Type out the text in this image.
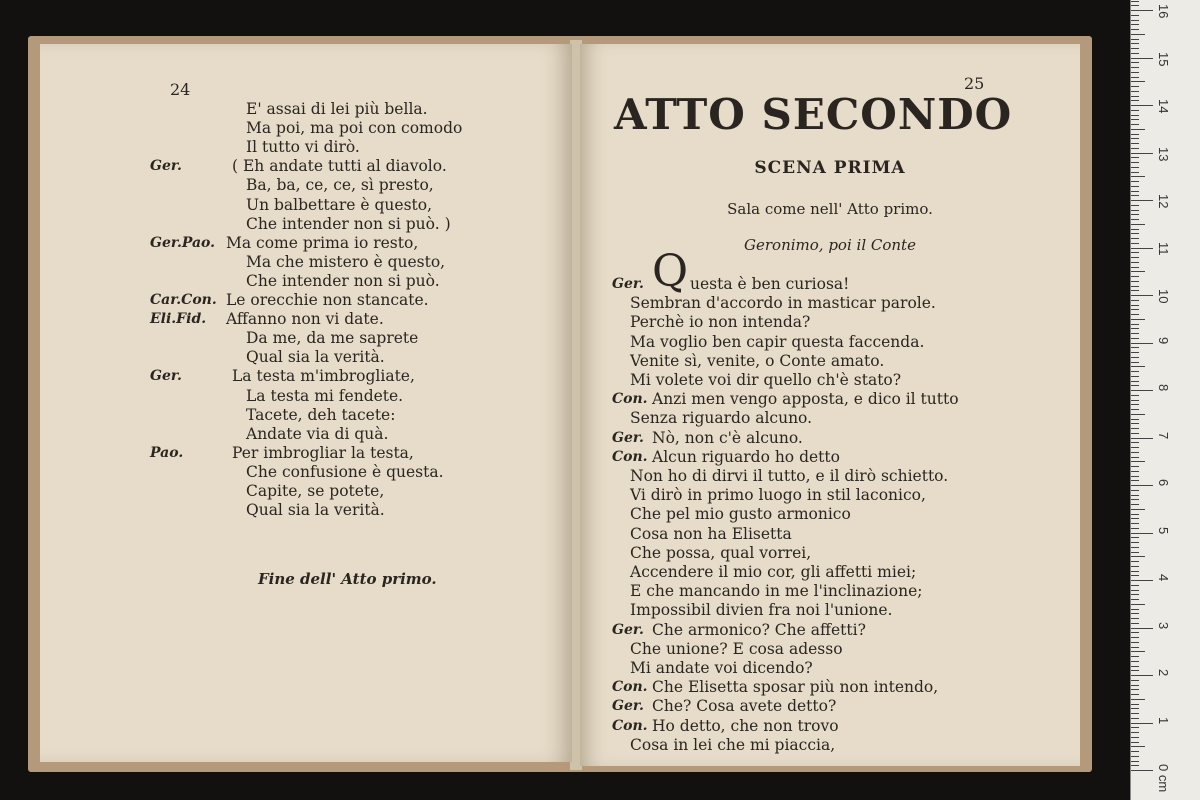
24
E' assai di lei più bella.
Ma poi, ma poi con comodo
Il tutto vi dirò.
Ger.	( Eh andate tutti al diavolo.
Ba, ba, ce, ce, sì presto,
Un balbettare è questo,
Che intender non si può. )
Ger.Pao. Ma come prima io resto,
Ma che mistero è questo,
Che intender non si può.
Car.Con. Le orecchie non stancate.
Eli.Fid. Affanno non vi date.
Da me, da me saprete
Qual sia la verità.
Ger.	La testa m'imbrogliate,
La testa mi fendete.
Tacete, deh tacete:
Andate via di quà.
Pao.	Per imbrogliar la testa,
Che confusione è questa.
Capite, se potete,
Qual sia la verità.
Fine dell' Atto primo.
25
ATTO SECONDO
SCENA PRIMA
Sala come nell' Atto primo.
Geronimo, poi il Conte
Q
Ger.	uesta è ben curiosa!
Sembran d'accordo in masticar parole.
Perchè io non intenda?
Ma voglio ben capir questa faccenda.
Venite sì, venite, o Conte amato.
Mi volete voi dir quello ch'è stato?
Con. Anzi men vengo apposta, e dico il tutto
Senza riguardo alcuno.
Ger. Nò, non c'è alcuno.
Con. Alcun riguardo ho detto
Non ho di dirvi il tutto, e il dirò schietto.
Vi dirò in primo luogo in stil laconico,
Che pel mio gusto armonico
Cosa non ha Elisetta
Che possa, qual vorrei,
Accendere il mio cor, gli affetti miei;
E che mancando in me l'inclinazione;
Impossibil divien fra noi l'unione.
Ger. Che armonico? Che affetti?
Che unione? E cosa adesso
Mi andate voi dicendo?
Con. Che Elisetta sposar più non intendo,
Ger. Che? Cosa avete detto?
Con. Ho detto, che non trovo
Cosa in lei che mi piaccia,
0 cm
1
2
3
4
5
6
7
8
9
10
11
12
13
14
15
16
